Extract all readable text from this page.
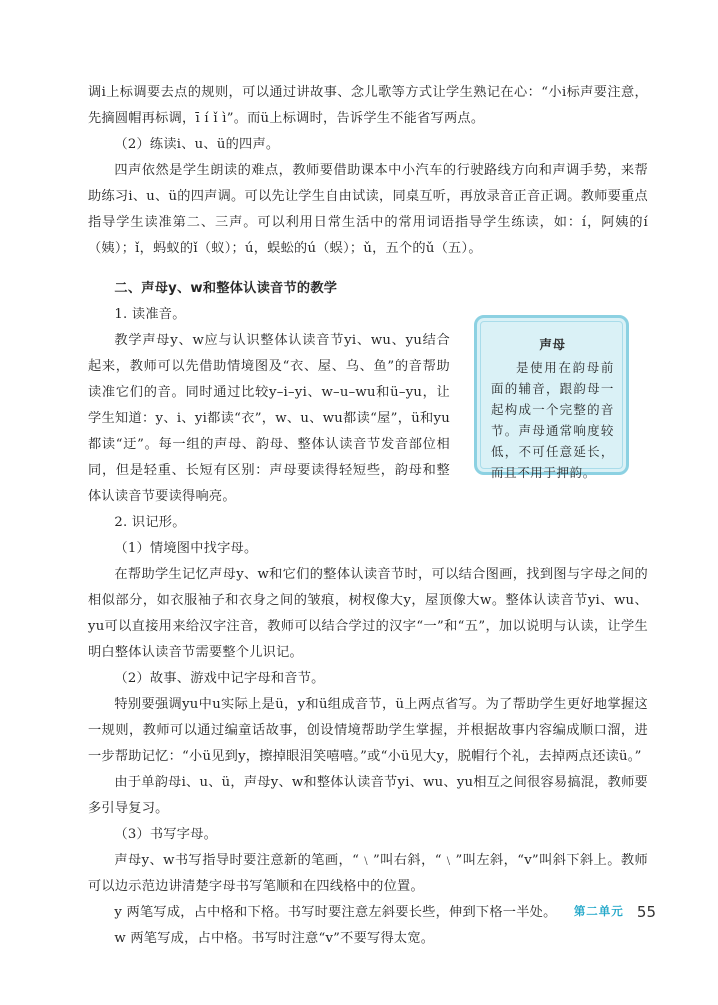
调i上标调要去点的规则，可以通过讲故事、念儿歌等方式让学生熟记在心：“小i标声要注意，先摘圆帽再标调，ī í ǐ ì”。而ü上标调时，告诉学生不能省写两点。

（2）练读i、u、ü的四声。

四声依然是学生朗读的难点，教师要借助课本中小汽车的行驶路线方向和声调手势，来帮助练习i、u、ü的四声调。可以先让学生自由试读，同桌互听，再放录音正音正调。教师要重点指导学生读准第二、三声。可以利用日常生活中的常用词语指导学生练读，如：í，阿姨的í（姨）；ǐ，蚂蚁的ǐ（蚁）；ú，蜈蚣的ú（蜈）；ǔ，五个的ǔ（五）。

二、声母y、w和整体认读音节的教学

1. 读准音。

教学声母y、w应与认识整体认读音节yi、wu、yu结合起来，教师可以先借助情境图及“衣、屋、乌、鱼”的音帮助读准它们的音。同时通过比较y–i–yi、w–u–wu和ü–yu，让学生知道：y、i、yi都读“衣”，w、u、wu都读“屋”，ü和yu都读“迂”。每一组的声母、韵母、整体认读音节发音部位相同，但是轻重、长短有区别：声母要读得轻短些，韵母和整体认读音节要读得响亮。

2. 识记形。

（1）情境图中找字母。

在帮助学生记忆声母y、w和它们的整体认读音节时，可以结合图画，找到图与字母之间的相似部分，如衣服袖子和衣身之间的皱痕，树杈像大y，屋顶像大w。整体认读音节yi、wu、yu可以直接用来给汉字注音，教师可以结合学过的汉字“一”和“五”，加以说明与认读，让学生明白整体认读音节需要整个儿识记。

（2）故事、游戏中记字母和音节。

特别要强调yu中u实际上是ü，y和ü组成音节，ü上两点省写。为了帮助学生更好地掌握这一规则，教师可以通过编童话故事，创设情境帮助学生掌握，并根据故事内容编成顺口溜，进一步帮助记忆：“小ü见到y，擦掉眼泪笑嘻嘻。”或“小ü见大y，脱帽行个礼，去掉两点还读ü。”

由于单韵母i、u、ü，声母y、w和整体认读音节yi、wu、yu相互之间很容易搞混，教师要多引导复习。

（3）书写字母。

声母y、w书写指导时要注意新的笔画，“﹨”叫右斜，“﹨”叫左斜，“v”叫斜下斜上。教师可以边示范边讲清楚字母书写笔顺和在四线格中的位置。

y 两笔写成，占中格和下格。书写时要注意左斜要长些，伸到下格一半处。

w 两笔写成，占中格。书写时注意“v”不要写得太宽。

声母
是使用在韵母前面的辅音，跟韵母一起构成一个完整的音节。声母通常响度较低，不可任意延长，而且不用于押韵。
第二单元 55
